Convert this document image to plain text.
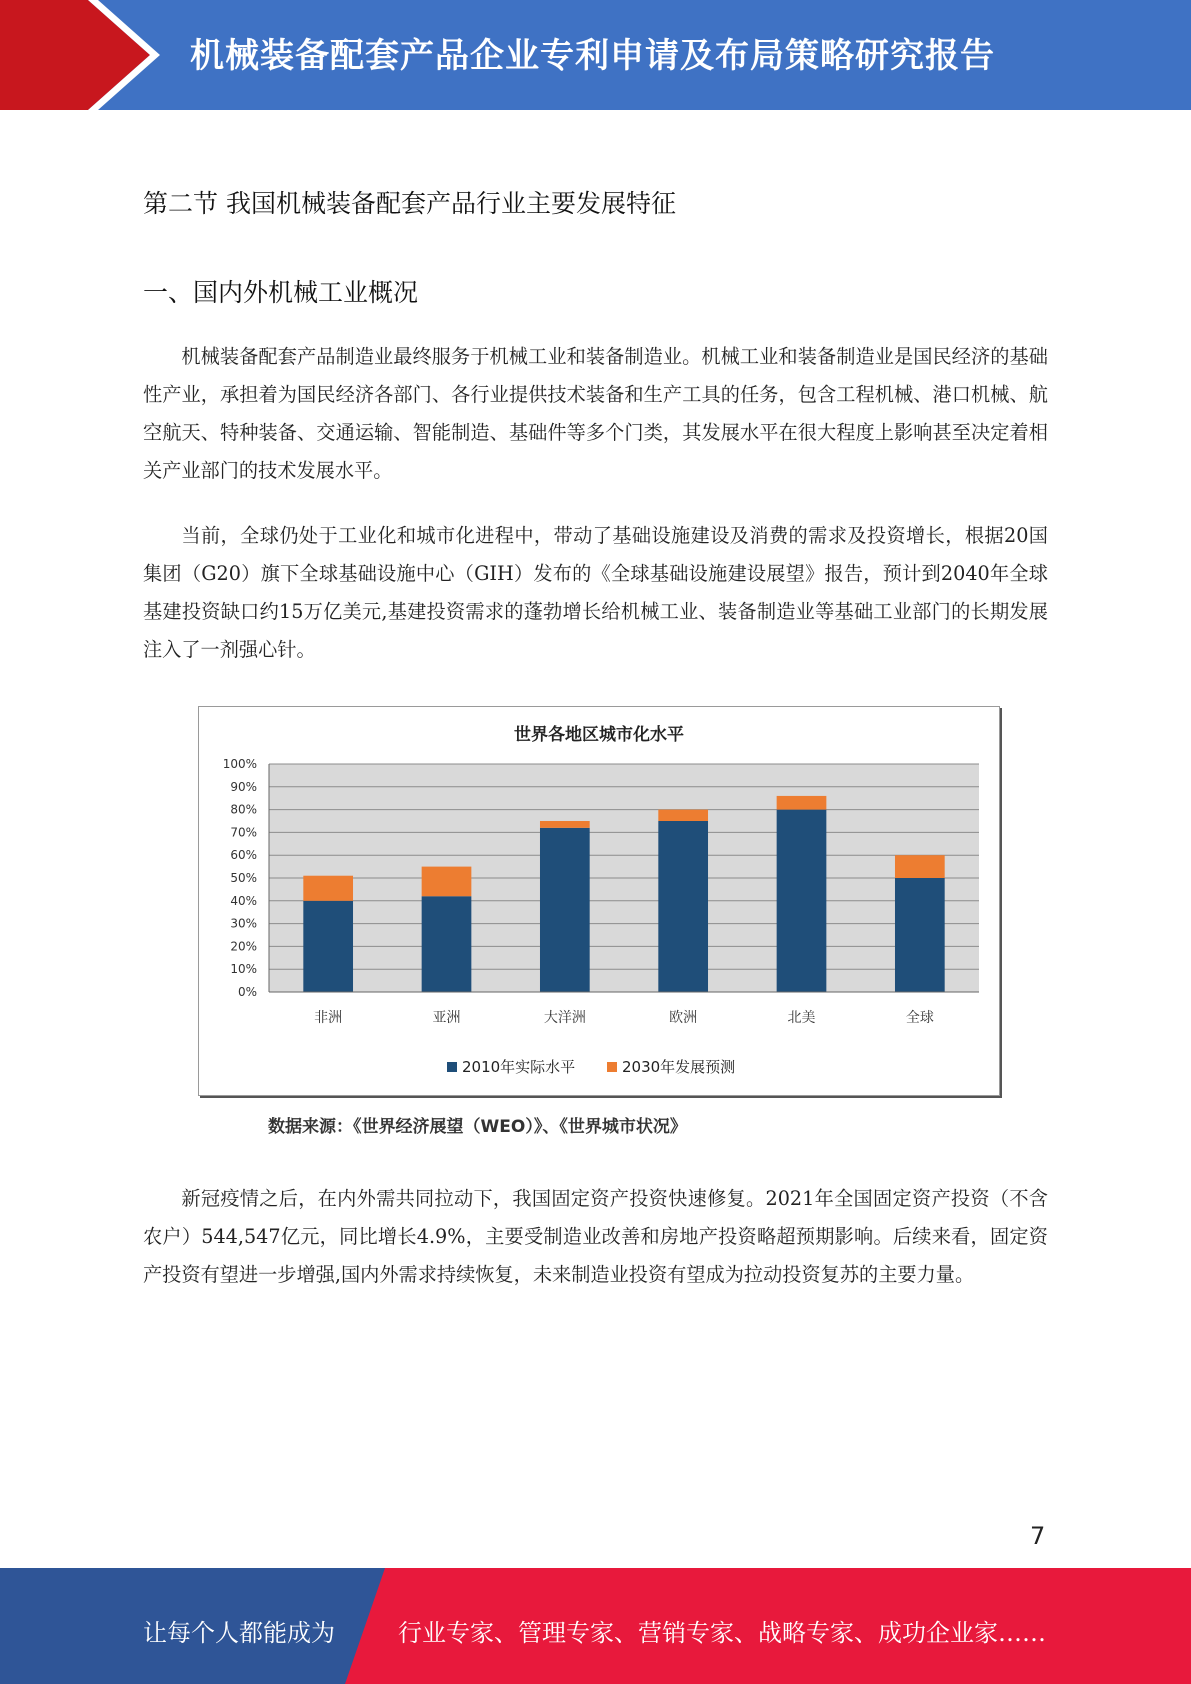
机械装备配套产品企业专利申请及布局策略研究报告
第二节 我国机械装备配套产品行业主要发展特征
一、国内外机械工业概况

机械装备配套产品制造业最终服务于机械工业和装备制造业。机械工业和装备制造业是国民经济的基础性产业，承担着为国民经济各部门、各行业提供技术装备和生产工具的任务，包含工程机械、港口机械、航空航天、特种装备、交通运输、智能制造、基础件等多个门类，其发展水平在很大程度上影响甚至决定着相关产业部门的技术发展水平。

当前，全球仍处于工业化和城市化进程中，带动了基础设施建设及消费的需求及投资增长，根据20国集团（G20）旗下全球基础设施中心（GIH）发布的《全球基础设施建设展望》报告，预计到2040年全球基建投资缺口约15万亿美元,基建投资需求的蓬勃增长给机械工业、装备制造业等基础工业部门的长期发展注入了一剂强心针。

世界各地区城市化水平
0%
10%
20%
30%
40%
50%
60%
70%
80%
90%
100%
非洲	亚洲	大洋洲	欧洲	北美	全球
2010年实际水平	2030年发展预测
数据来源：《世界经济展望（WEO）》、《世界城市状况》

新冠疫情之后，在内外需共同拉动下，我国固定资产投资快速修复。2021年全国固定资产投资（不含农户）544,547亿元，同比增长4.9%，主要受制造业改善和房地产投资略超预期影响。后续来看，固定资产投资有望进一步增强,国内外需求持续恢复，未来制造业投资有望成为拉动投资复苏的主要力量。

7
让每个人都能成为	行业专家、管理专家、营销专家、战略专家、成功企业家……
